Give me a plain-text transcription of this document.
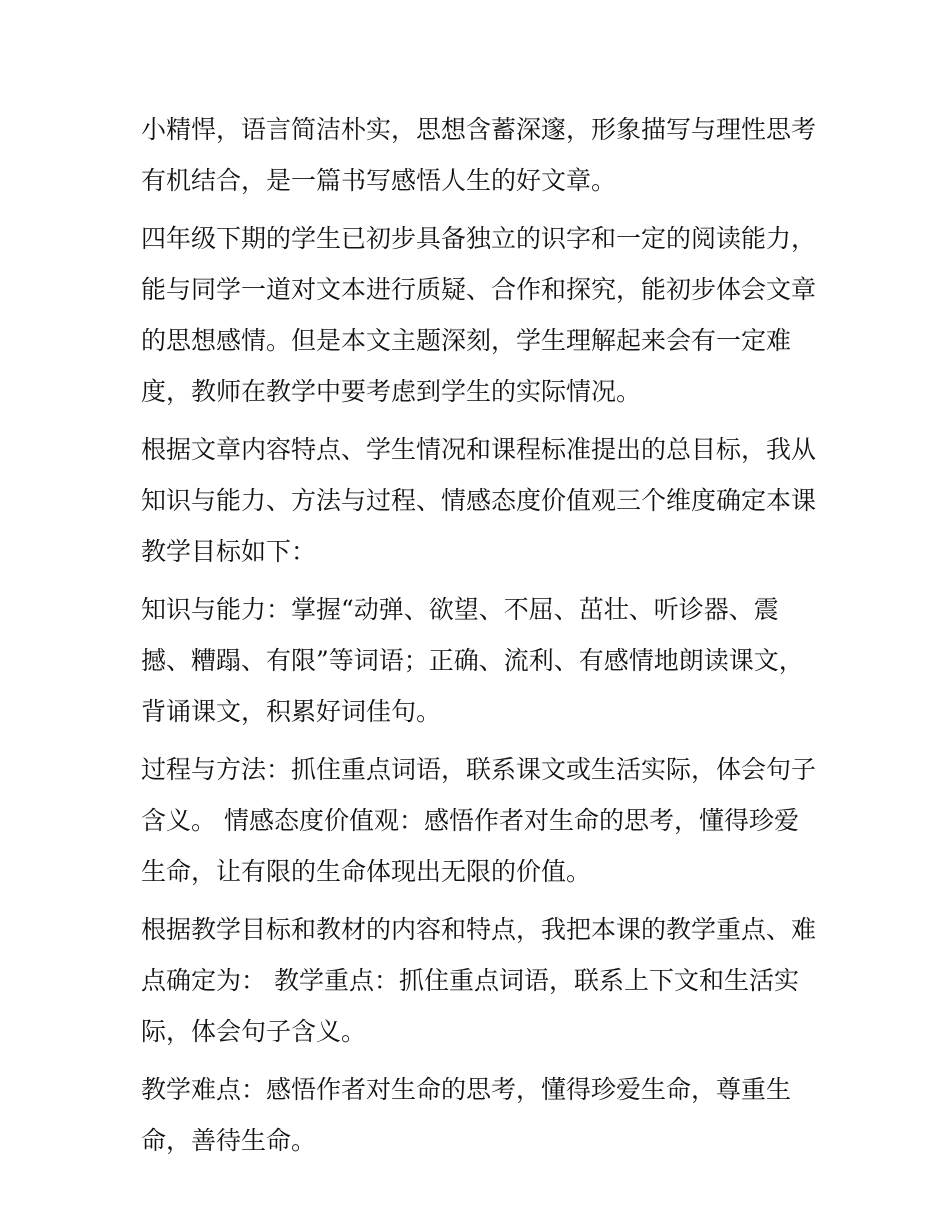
小精悍，语言简洁朴实，思想含蓄深邃，形象描写与理性思考
有机结合，是一篇书写感悟人生的好文章。

四年级下期的学生已初步具备独立的识字和一定的阅读能力，
能与同学一道对文本进行质疑、合作和探究，能初步体会文章
的思想感情。但是本文主题深刻，学生理解起来会有一定难
度，教师在教学中要考虑到学生的实际情况。

根据文章内容特点、学生情况和课程标准提出的总目标，我从
知识与能力、方法与过程、情感态度价值观三个维度确定本课
教学目标如下：

知识与能力：掌握“动弹、欲望、不屈、茁壮、听诊器、震
撼、糟蹋、有限”等词语；正确、流利、有感情地朗读课文，
背诵课文，积累好词佳句。

过程与方法：抓住重点词语，联系课文或生活实际，体会句子
含义。 情感态度价值观：感悟作者对生命的思考，懂得珍爱
生命，让有限的生命体现出无限的价值。

根据教学目标和教材的内容和特点，我把本课的教学重点、难
点确定为： 教学重点：抓住重点词语，联系上下文和生活实
际，体会句子含义。

教学难点：感悟作者对生命的思考，懂得珍爱生命，尊重生
命，善待生命。
